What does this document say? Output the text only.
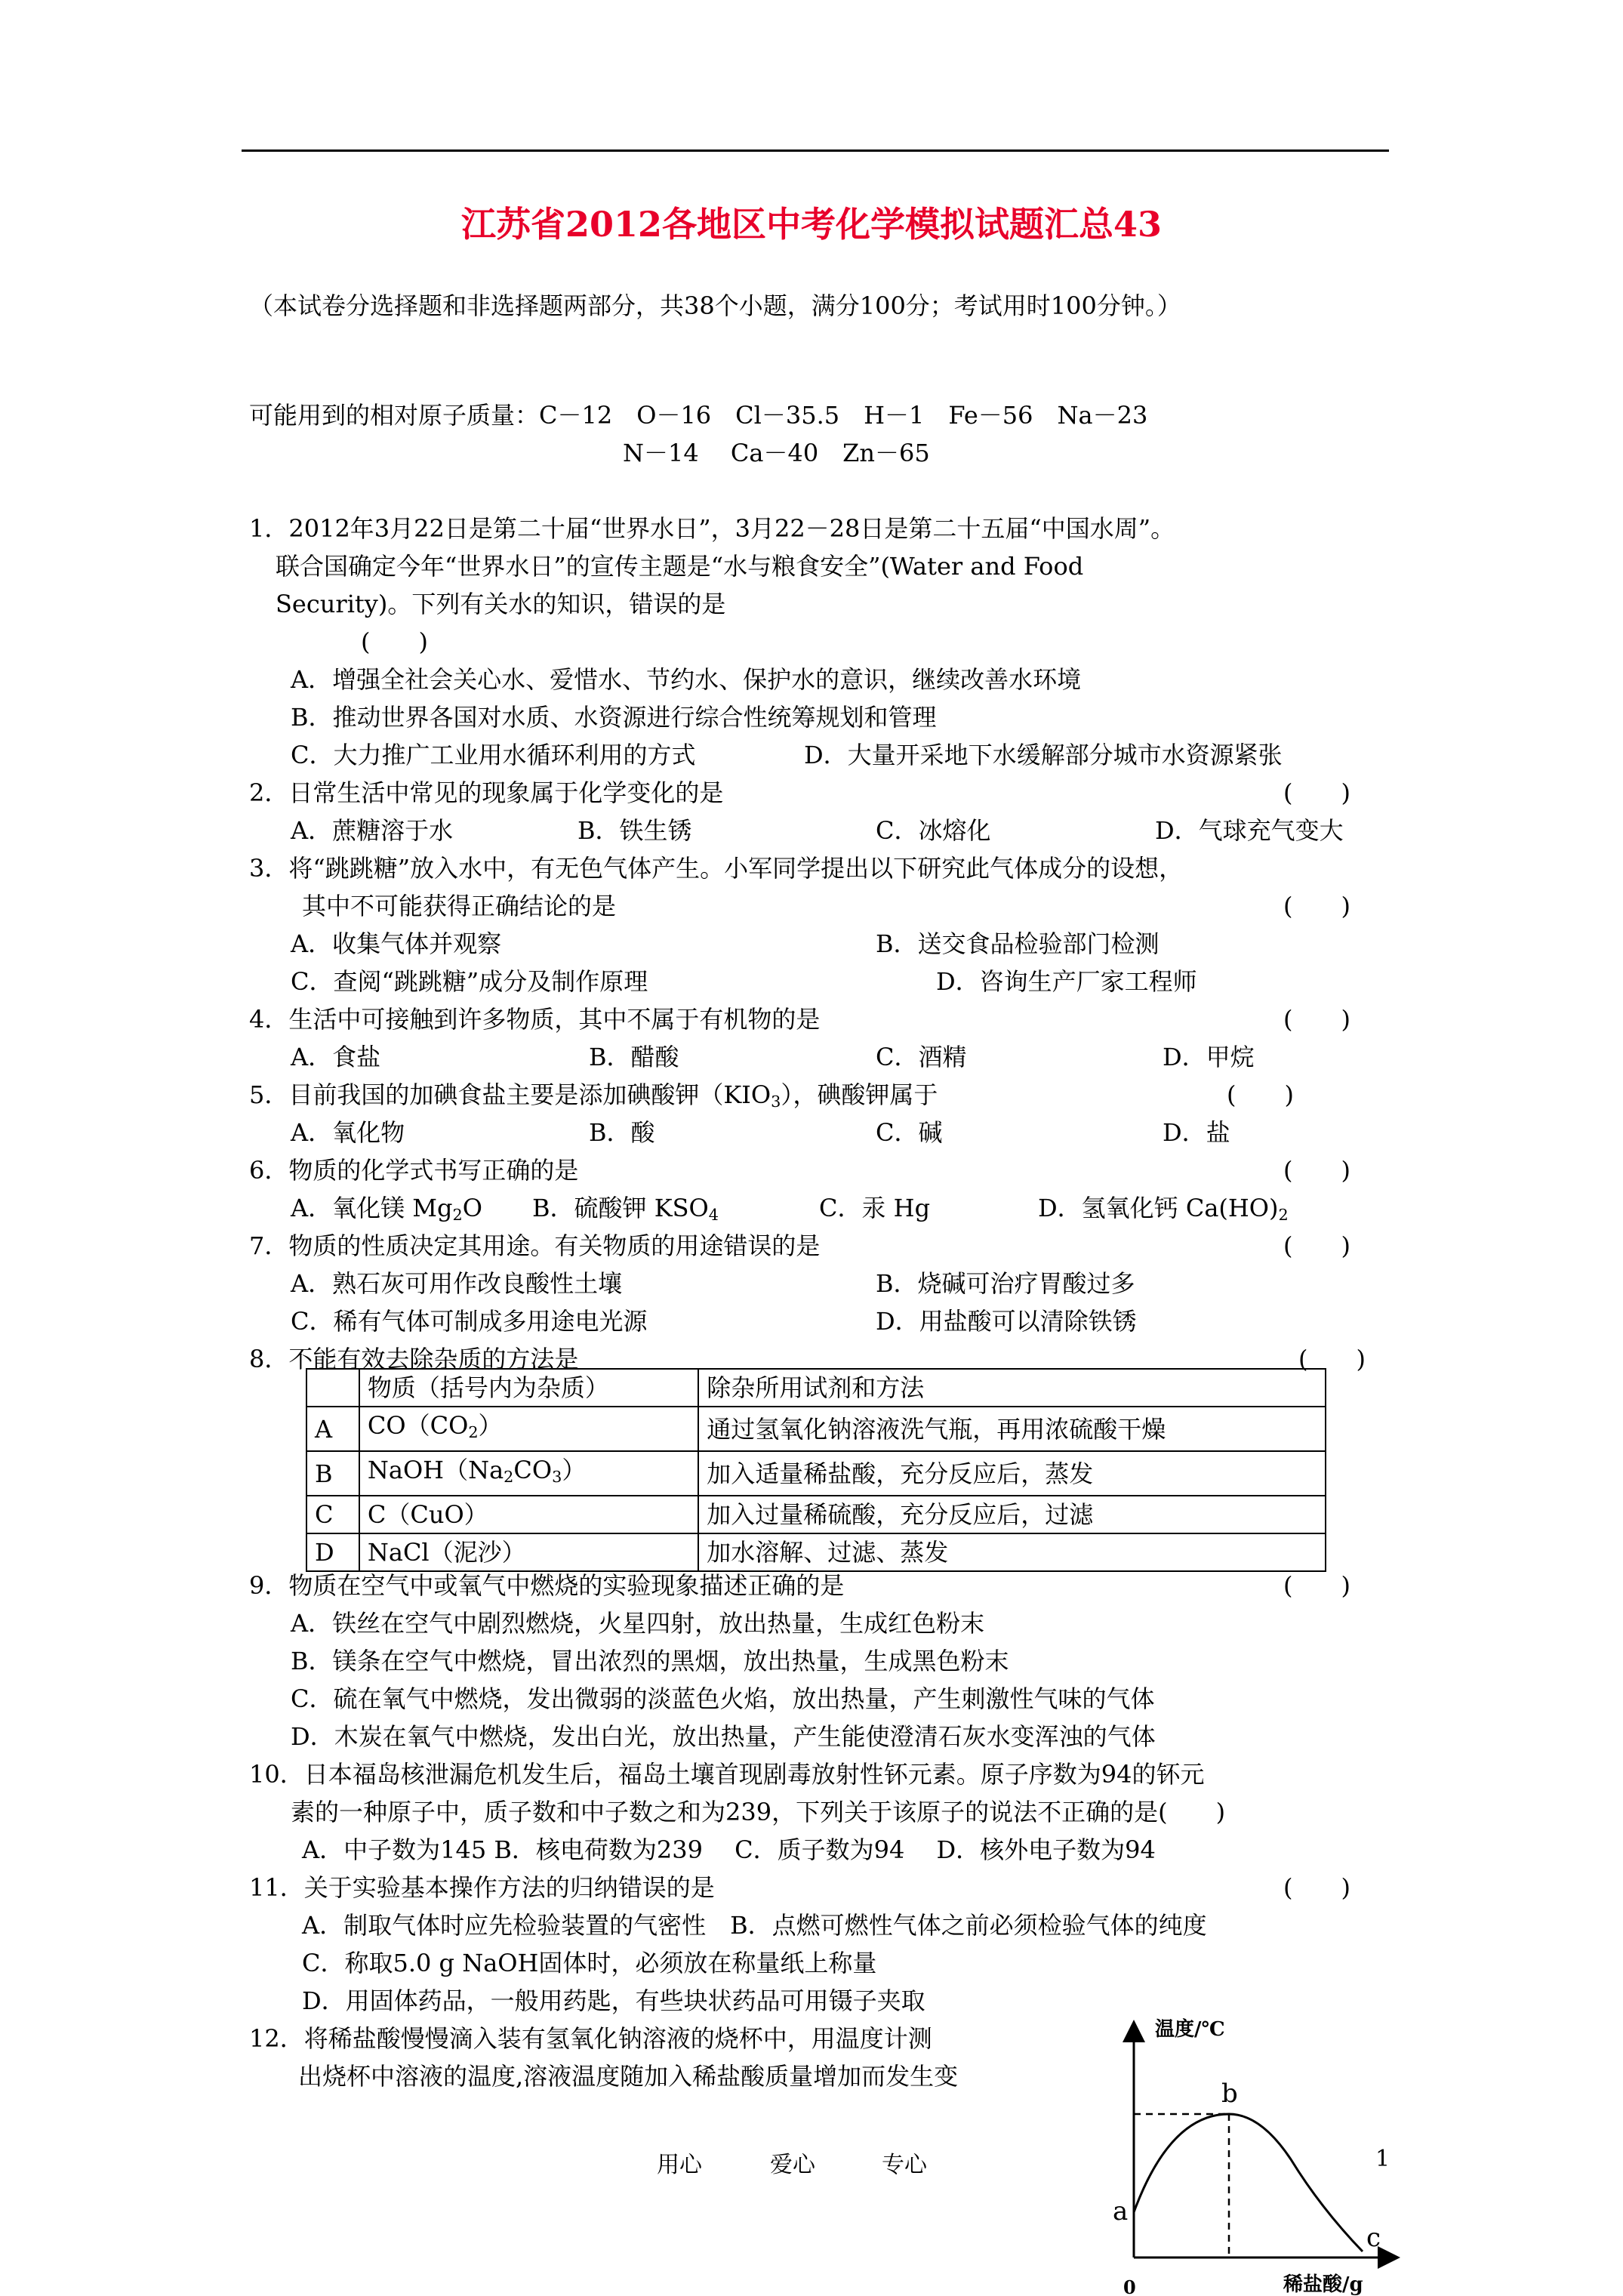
江苏省2012各地区中考化学模拟试题汇总43
（本试卷分选择题和非选择题两部分，共38个小题，满分100分；考试用时100分钟。）
可能用到的相对原子质量：C－12　O－16　Cl－35.5　H－1　Fe－56　Na－23
N－14　 Ca－40　Zn－65
1．2012年3月22日是第二十届“世界水日”，3月22－28日是第二十五届“中国水周”。
联合国确定今年“世界水日”的宣传主题是“水与粮食安全”(Water and Food
Security)。下列有关水的知识，错误的是
(　　)
A．增强全社会关心水、爱惜水、节约水、保护水的意识，继续改善水环境
B．推动世界各国对水质、水资源进行综合性统筹规划和管理
C．大力推广工业用水循环利用的方式	D．大量开采地下水缓解部分城市水资源紧张
2．日常生活中常见的现象属于化学变化的是	(　　)
A．蔗糖溶于水	B．铁生锈	C．冰熔化	D．气球充气变大
3．将“跳跳糖”放入水中，有无色气体产生。小军同学提出以下研究此气体成分的设想，
其中不可能获得正确结论的是	(　　)
A．收集气体并观察	B．送交食品检验部门检测
C．查阅“跳跳糖”成分及制作原理	D．咨询生产厂家工程师
4．生活中可接触到许多物质，其中不属于有机物的是	(　　)
A．食盐	B．醋酸	C．酒精	D．甲烷
5．目前我国的加碘食盐主要是添加碘酸钾$(KIO_3)$，碘酸钾属于	(　　)
A．氧化物	B．酸	C．碱	D．盐
6．物质的化学式书写正确的是	(　　)
A．氧化镁 $Mg_2O$ B．硫酸钾 $KSO_4$	C．汞 Hg	D．氢氧化钙 $Ca(HO)_2$
7．物质的性质决定其用途。有关物质的用途错误的是	(　　)
A．熟石灰可用作改良酸性土壤	B．烧碱可治疗胃酸过多
C．稀有气体可制成多用途电光源	D．用盐酸可以清除铁锈
8．不能有效去除杂质的方法是	(　　)
	物质（括号内为杂质）	除杂所用试剂和方法
A	$CO(CO_2)$	通过氢氧化钠溶液洗气瓶，再用浓硫酸干燥
B	$NaOH(Na_2CO_3)$	加入适量稀盐酸，充分反应后，蒸发
C	C（CuO）	加入过量稀硫酸，充分反应后，过滤
D	NaCl（泥沙）	加水溶解、过滤、蒸发
9．物质在空气中或氧气中燃烧的实验现象描述正确的是	(　　)
A．铁丝在空气中剧烈燃烧，火星四射，放出热量，生成红色粉末
B．镁条在空气中燃烧，冒出浓烈的黑烟，放出热量，生成黑色粉末
C．硫在氧气中燃烧，发出微弱的淡蓝色火焰，放出热量，产生刺激性气味的气体
D．木炭在氧气中燃烧，发出白光，放出热量，产生能使澄清石灰水变浑浊的气体
10．日本福岛核泄漏危机发生后，福岛土壤首现剧毒放射性钚元素。原子序数为94的钚元
素的一种原子中，质子数和中子数之和为239，下列关于该原子的说法不正确的是(　　)
A．中子数为145 B．核电荷数为239　 C．质子数为94　 D．核外电子数为94
11．关于实验基本操作方法的归纳错误的是	(　　)
A．制取气体时应先检验装置的气密性　B．点燃可燃性气体之前必须检验气体的纯度
C．称取5.0 g NaOH固体时，必须放在称量纸上称量
D．用固体药品，一般用药匙，有些块状药品可用镊子夹取
12．将稀盐酸慢慢滴入装有氢氧化钠溶液的烧杯中，用温度计测
出烧杯中溶液的温度,溶液温度随加入稀盐酸质量增加而发生变
温度/℃
稀盐酸/g
0
a
b
c
用心	爱心	专心	1
